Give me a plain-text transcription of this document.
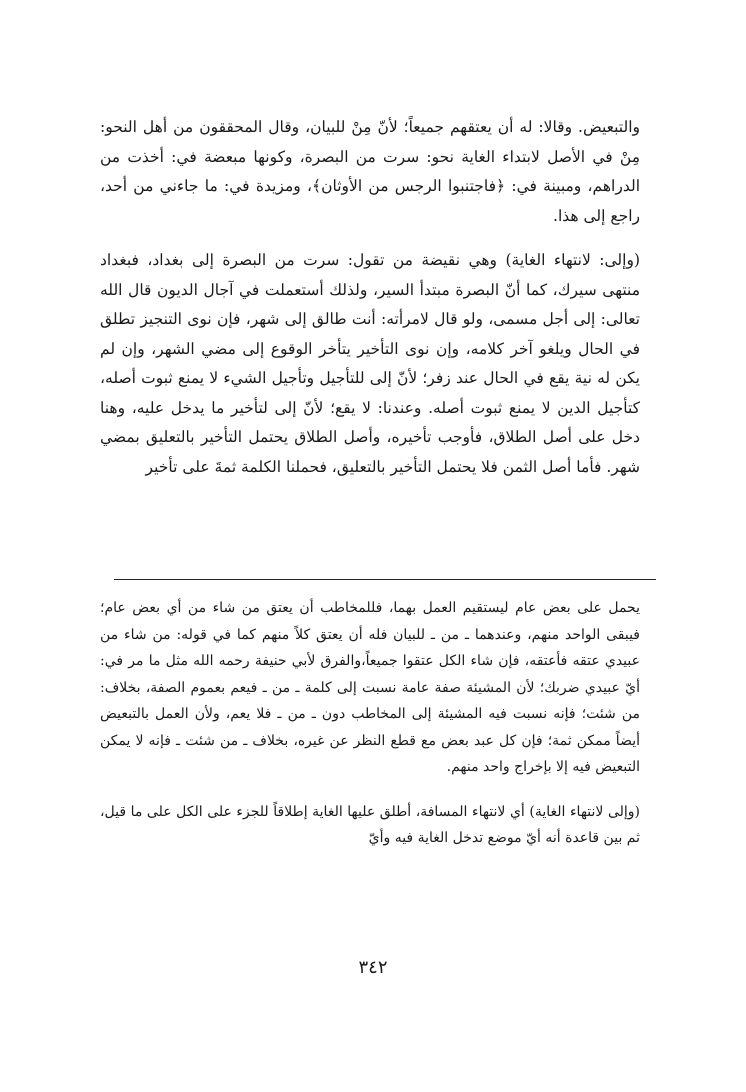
والتبعيض. وقالا: له أن يعتقهم جميعاً؛ لأنّ مِنْ للبيان، وقال المحققون من أهل النحو: مِنْ في الأصل لابتداء الغاية نحو: سرت من البصرة، وكونها مبعضة في: أخذت من الدراهم، ومبينة في: ﴿فاجتنبوا الرجس من الأوثان﴾، ومزيدة في: ما جاءني من أحد، راجع إلى هذا.

(وإلى: لانتهاء الغاية) وهي نقيضة من تقول: سرت من البصرة إلى بغداد، فبغداد منتهى سيرك، كما أنّ البصرة مبتدأ السير، ولذلك أستعملت في آجال الديون قال الله تعالى: إلى أجل مسمى، ولو قال لامرأته: أنت طالق إلى شهر، فإن نوى التنجيز تطلق في الحال ويلغو آخر كلامه، وإن نوى التأخير يتأخر الوقوع إلى مضي الشهر، وإن لم يكن له نية يقع في الحال عند زفر؛ لأنّ إلى للتأجيل وتأجيل الشيء لا يمنع ثبوت أصله، كتأجيل الدين لا يمنع ثبوت أصله. وعندنا: لا يقع؛ لأنّ إلى لتأخير ما يدخل عليه، وهنا دخل على أصل الطلاق، فأوجب تأخيره، وأصل الطلاق يحتمل التأخير بالتعليق بمضي شهر. فأما أصل الثمن فلا يحتمل التأخير بالتعليق، فحملنا الكلمة ثمةَ على تأخير

يحمل على بعض عام ليستقيم العمل بهما، فللمخاطب أن يعتق من شاء من أي بعض عام؛ فيبقى الواحد منهم، وعندهما ـ من ـ للبيان فله أن يعتق كلاً منهم كما في قوله: من شاء من عبيدي عتقه فأعتقه، فإن شاء الكل عتقوا جميعاً،والفرق لأبي حنيفة رحمه الله مثل ما مر في: أيّ عبيدي ضربك؛ لأن المشيئة صفة عامة نسبت إلى كلمة ـ من ـ فيعم بعموم الصفة، بخلاف: من شئت؛ فإنه نسبت فيه المشيئة إلى المخاطب دون ـ من ـ فلا يعم، ولأن العمل بالتبعيض أيضاً ممكن ثمة؛ فإن كل عبد بعض مع قطع النظر عن غيره، بخلاف ـ من شئت ـ فإنه لا يمكن التبعيض فيه إلا بإخراج واحد منهم.

(وإلى لانتهاء الغاية) أي لانتهاء المسافة، أطلق عليها الغاية إطلاقاً للجزء على الكل على ما قيل، ثم بين قاعدة أنه أيّ موضع تدخل الغاية فيه وأيّ

٣٤٢
